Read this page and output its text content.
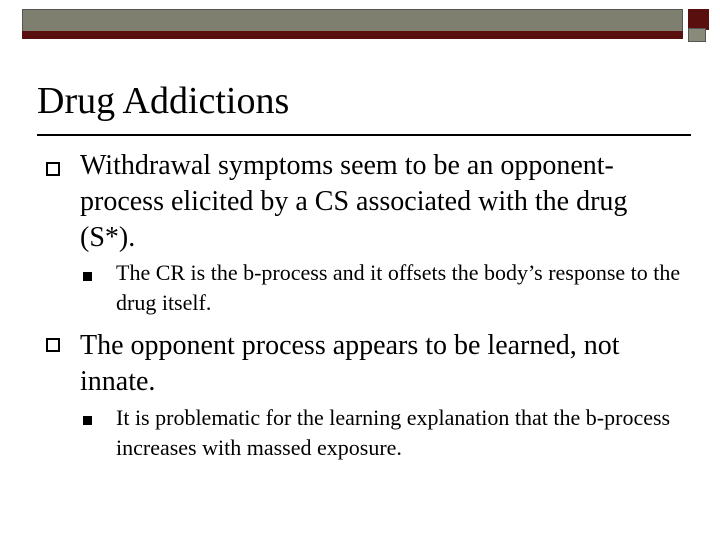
Drug Addictions
Withdrawal symptoms seem to be an opponent-process elicited by a CS associated with the drug (S*).
The CR is the b-process and it offsets the body’s response to the drug itself.
The opponent process appears to be learned, not innate.
It is problematic for the learning explanation that the b-process increases with massed exposure.
